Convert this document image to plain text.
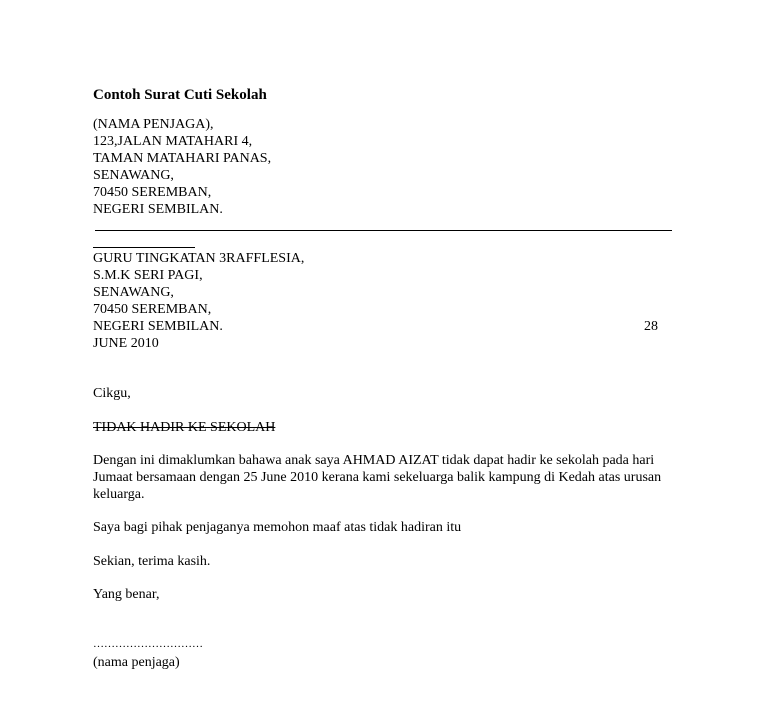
Contoh Surat Cuti Sekolah
(NAMA PENJAGA),
123,JALAN MATAHARI 4,
TAMAN MATAHARI PANAS,
SENAWANG,
70450 SEREMBAN,
NEGERI SEMBILAN.
GURU TINGKATAN 3RAFFLESIA,
S.M.K SERI PAGI,
SENAWANG,
70450 SEREMBAN,
NEGERI SEMBILAN.	28
JUNE 2010
Cikgu,
TIDAK HADIR KE SEKOLAH
Dengan ini dimaklumkan bahawa anak saya AHMAD AIZAT tidak dapat hadir ke sekolah pada hari Jumaat bersamaan dengan 25 June 2010 kerana kami sekeluarga balik kampung di Kedah atas urusan keluarga.
Saya bagi pihak penjaganya memohon maaf atas tidak hadiran itu
Sekian, terima kasih.
Yang benar,
…………………………
(nama penjaga)
